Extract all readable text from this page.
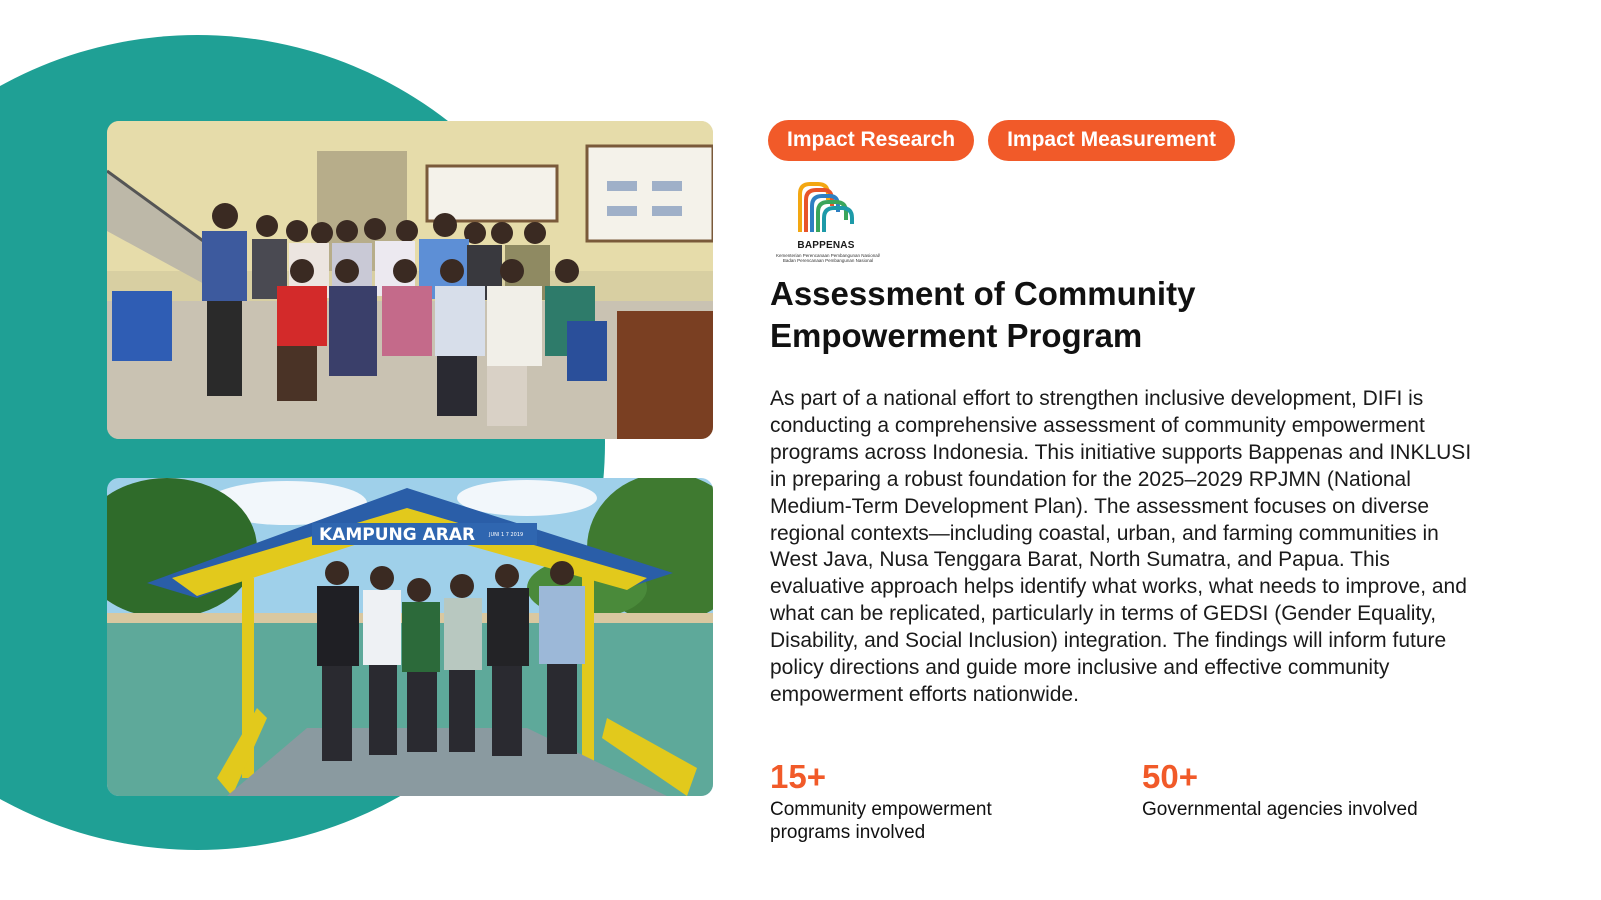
KAMPUNG ARAR	JUNI 1 7 2019
Impact Research	Impact Measurement
BAPPENAS
Kementerian Perencanaan Pembangunan Nasional/
Badan Perencanaan Pembangunan Nasional
Assessment of Community
Empowerment Program

As part of a national effort to strengthen inclusive development, DIFI is conducting a comprehensive assessment of community empowerment programs across Indonesia. This initiative supports Bappenas and INKLUSI in preparing a robust foundation for the 2025–2029 RPJMN (National Medium-Term Development Plan). The assessment focuses on diverse regional contexts—including coastal, urban, and farming communities in West Java, Nusa Tenggara Barat, North Sumatra, and Papua. This evaluative approach helps identify what works, what needs to improve, and what can be replicated, particularly in terms of GEDSI (Gender Equality, Disability, and Social Inclusion) integration. The findings will inform future policy directions and guide more inclusive and effective community empowerment efforts nationwide.

15+
Community empowerment programs involved
50+
Governmental agencies involved
